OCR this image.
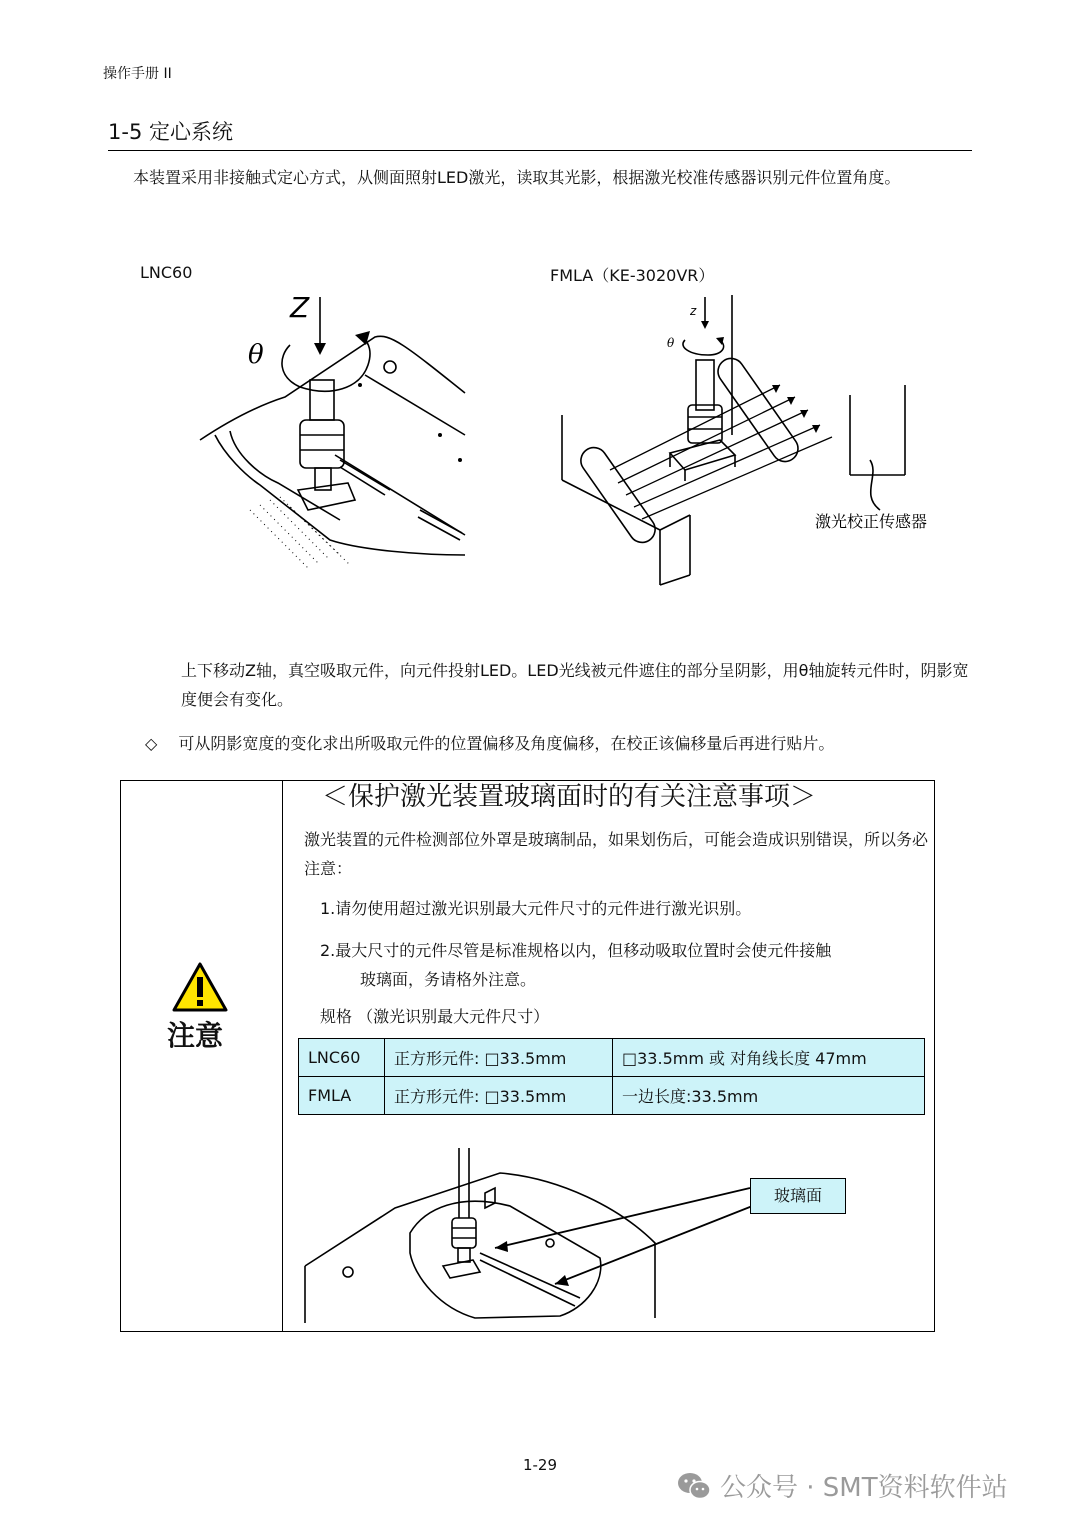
操作手册 II
1-5 定心系统
本装置采用非接触式定心方式，从侧面照射LED激光，读取其光影，根据激光校准传感器识别元件位置角度。
LNC60	FMLA（KE-3020VR）
Z
θ
z
θ
激光校正传感器
上下移动Z轴，真空吸取元件，向元件投射LED。LED光线被元件遮住的部分呈阴影，用θ轴旋转元件时，阴影宽度便会有变化。
◇ 可从阴影宽度的变化求出所吸取元件的位置偏移及角度偏移，在校正该偏移量后再进行贴片。
注意
＜保护激光装置玻璃面时的有关注意事项＞
激光装置的元件检测部位外罩是玻璃制品，如果划伤后，可能会造成识别错误，所以务必注意：
1.请勿使用超过激光识别最大元件尺寸的元件进行激光识别。
2.最大尺寸的元件尽管是标准规格以内，但移动吸取位置时会使元件接触
玻璃面，务请格外注意。
规格 （激光识别最大元件尺寸）
LNC60	正方形元件: □33.5mm	□33.5mm 或 对角线长度 47mm
FMLA	正方形元件: □33.5mm	一边长度:33.5mm
玻璃面
1-29
公众号 · SMT资料软件站
